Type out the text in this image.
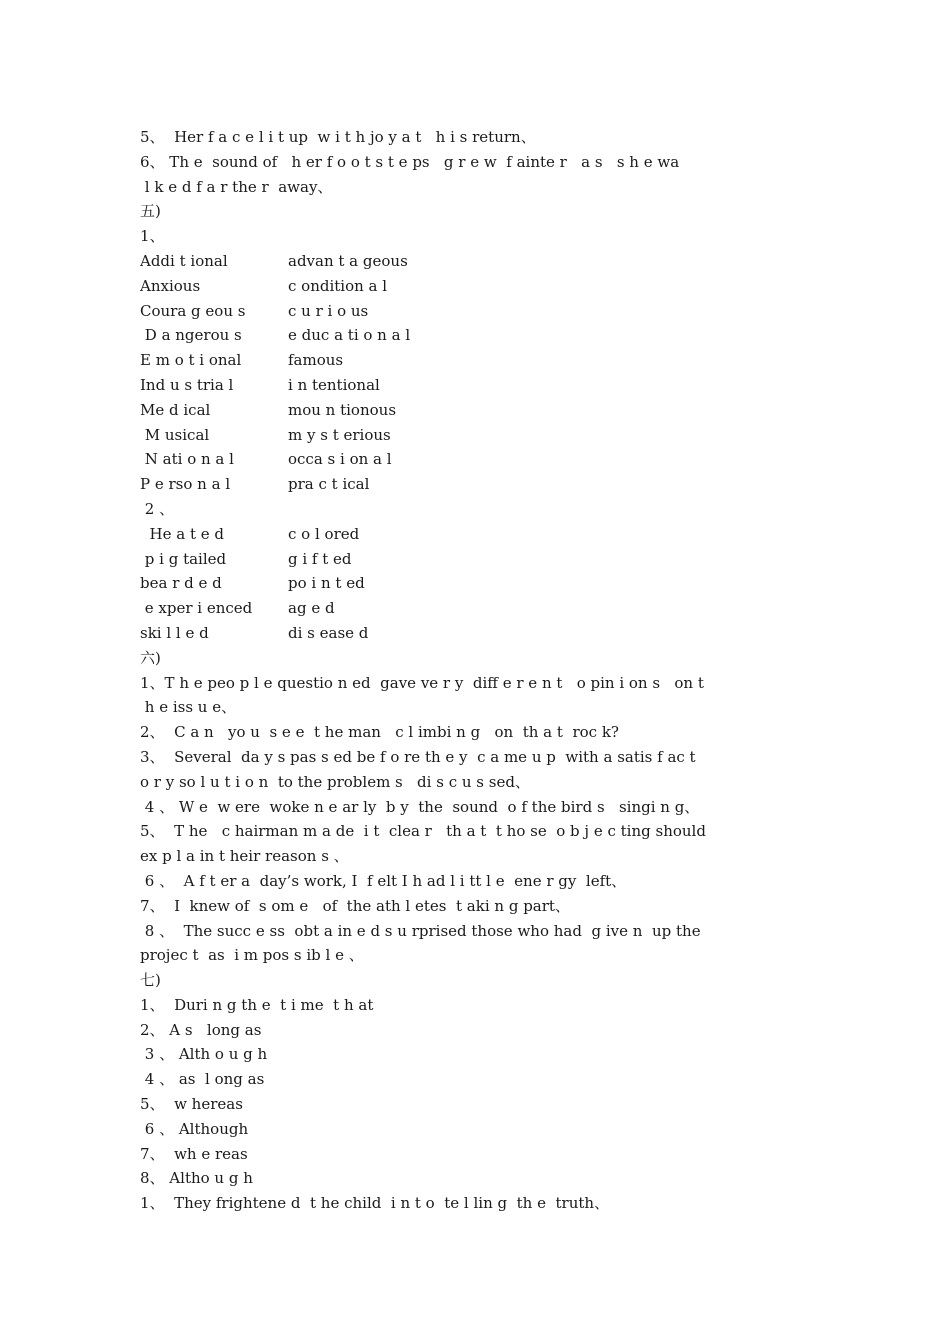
5、  Her f a c e l i t up  w i t h jo y a t   h i s return、
6、 Th e  sound of   h er f o o t s t e ps   g r e w  f ainte r   a s   s h e wa
l k e d f a r the r  away、
五)
1、
Addi t ional	advan t a geous
Anxious	c ondition a l
Coura g eou s	c u r i o us
D a ngerou s	e duc a ti o n a l
E m o t i onal	famous
Ind u s tria l	i n tentional
Me d ical	mou n tionous
M usical	m y s t erious
N ati o n a l	occa s i on a l
P e rso n a l	pra c t ical
2 、
He a t e d	c o l ored
p i g tailed	g i f t ed
bea r d e d	po i n t ed
e xper i enced	ag e d
ski l l e d	di s ease d
六)
1、T h e peo p l e questio n ed  gave ve r y  diff e r e n t   o pin i on s   on t
h e iss u e、
2、  C a n   yo u  s e e  t he man   c l imbi n g   on  th a t  roc k?
3、  Several  da y s pas s ed be f o re th e y  c a me u p  with a satis f ac t
o r y so l u t i o n  to the problem s   di s c u s sed、
4 、 W e  w ere  woke n e ar ly  b y  the  sound  o f the bird s   singi n g、
5、  T he   c hairman m a de  i t  clea r   th a t  t ho se  o b j e c ting should
ex p l a in t heir reason s 、
6 、  A f t er a  day’s work, I  f elt I h ad l i tt l e  ene r gy  left、
7、  I  knew of  s om e   of  the ath l etes  t aki n g part、
8 、  The succ e ss  obt a in e d s u rprised those who had  g ive n  up the
projec t  as  i m pos s ib l e 、
七)
1、  Duri n g th e  t i me  t h at
2、 A s   long as
3 、 Alth o u g h
4 、 as  l ong as
5、  w hereas
6 、 Although
7、  wh e reas
8、 Altho u g h
1、  They frightene d  t he child  i n t o  te l lin g  th e  truth、
